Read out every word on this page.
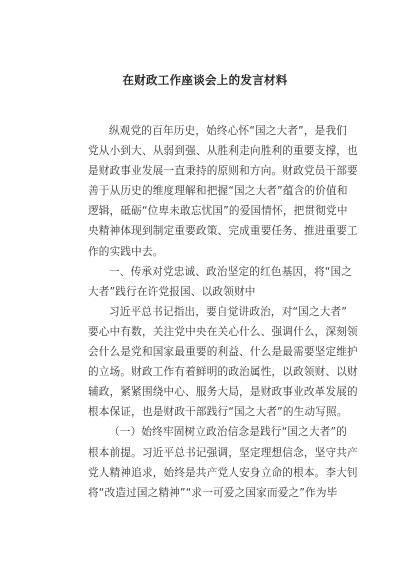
在财政工作座谈会上的发言材料
纵观党的百年历史，始终心怀“国之大者”，是我们
党从小到大、从弱到强、从胜利走向胜利的重要支撑，也
是财政事业发展一直秉持的原则和方向。财政党员干部要
善于从历史的维度理解和把握“国之大者”蕴含的价值和
逻辑，砥砺“位卑未敢忘忧国”的爱国情怀，把贯彻党中
央精神体现到制定重要政策、完成重要任务、推进重要工
作的实践中去。
一、传承对党忠诚、政治坚定的红色基因，将“国之
大者”践行在许党报国、以政领财中
习近平总书记指出，要自觉讲政治，对“国之大者”
要心中有数，关注党中央在关心什么、强调什么，深刻领
会什么是党和国家最重要的利益、什么是最需要坚定维护
的立场。财政工作有着鲜明的政治属性，以政领财、以财
辅政，紧紧围绕中心、服务大局，是财政事业改革发展的
根本保证，也是财政干部践行“国之大者”的生动写照。
（一）始终牢固树立政治信念是践行“国之大者”的
根本前提。习近平总书记强调，坚定理想信念，坚守共产
党人精神追求，始终是共产党人安身立命的根本。李大钊
将“改造过国之精神”“求一可爱之国家而爱之”作为毕
